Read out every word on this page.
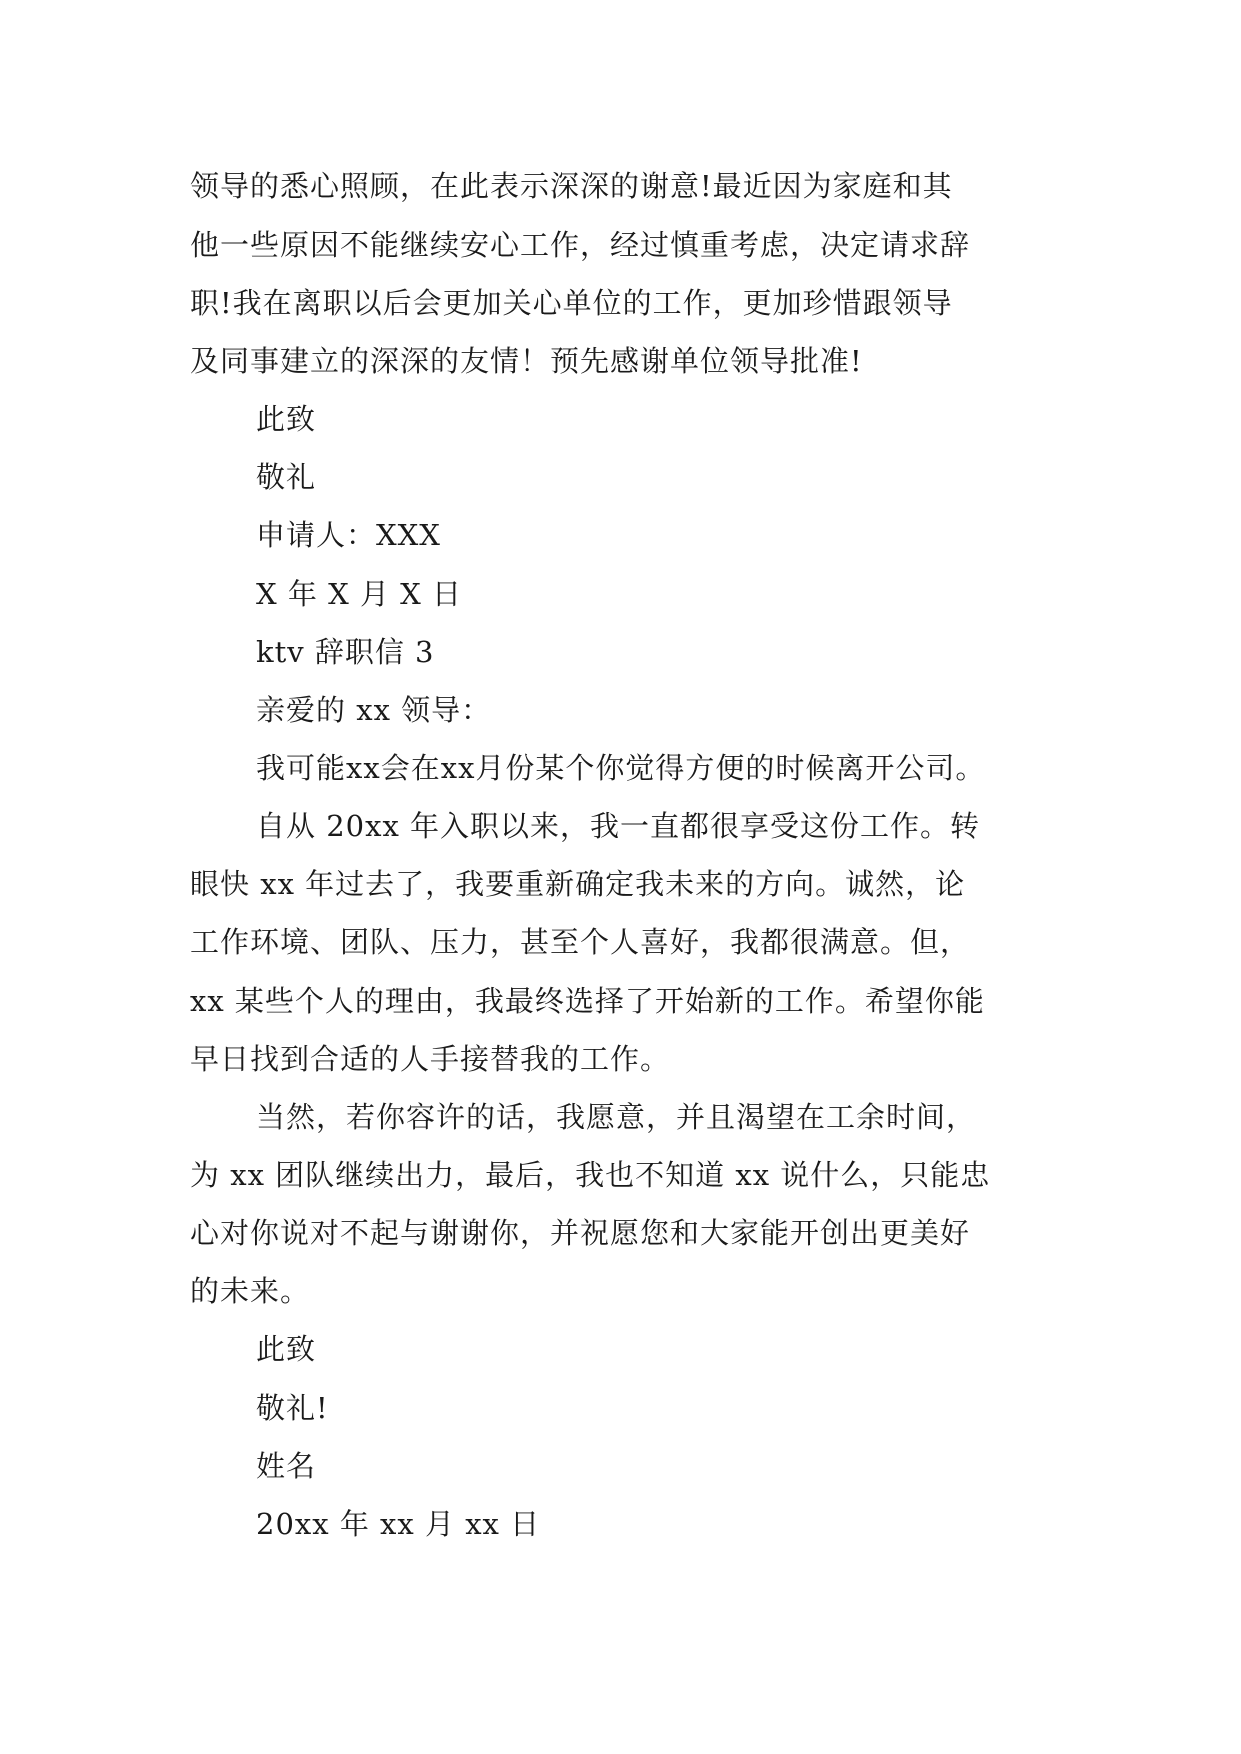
领导的悉心照顾，在此表示深深的谢意!最近因为家庭和其
他一些原因不能继续安心工作，经过慎重考虑，决定请求辞
职!我在离职以后会更加关心单位的工作，更加珍惜跟领导
及同事建立的深深的友情！预先感谢单位领导批准!
此致
敬礼
申请人：XXX
X 年 X 月 X 日
ktv 辞职信 3
亲爱的 xx 领导：
我可能xx会在xx月份某个你觉得方便的时候离开公司。
自从 20xx 年入职以来，我一直都很享受这份工作。转
眼快 xx 年过去了，我要重新确定我未来的方向。诚然，论
工作环境、团队、压力，甚至个人喜好，我都很满意。但，
xx 某些个人的理由，我最终选择了开始新的工作。希望你能
早日找到合适的人手接替我的工作。
当然，若你容许的话，我愿意，并且渴望在工余时间，
为 xx 团队继续出力，最后，我也不知道 xx 说什么，只能忠
心对你说对不起与谢谢你，并祝愿您和大家能开创出更美好
的未来。
此致
敬礼!
姓名
20xx 年 xx 月 xx 日
